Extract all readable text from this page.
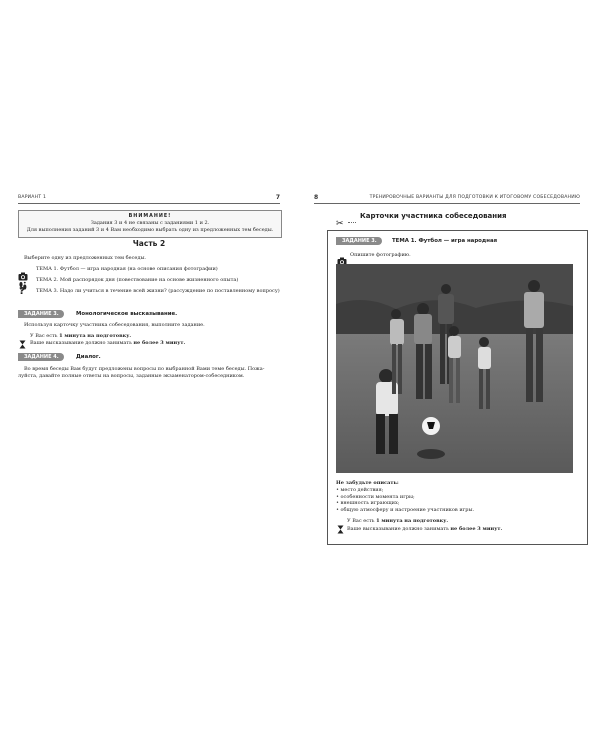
ВАРИАНТ 1	7
ВНИМАНИЕ!
Задания 3 и 4 не связаны с заданиями 1 и 2.
Для выполнения заданий 3 и 4 Вам необходимо выбрать одну из предложенных тем беседы.
Часть 2
Выберите одну из предложенных тем беседы.
ТЕМА 1. Футбол — игра народная (на основе описания фотографии)
ТЕМА 2. Мой распорядок дня (повествование на основе жизненного опыта)
?	ТЕМА 3. Надо ли учиться в течение всей жизни? (рассуждение по поставленному вопросу)
ЗАДАНИЕ 3.	Монологическое высказывание.
Используя карточку участника собеседования, выполните задание.
У Вас есть 1 минута на подготовку.
Ваше высказывание должно занимать не более 3 минут.
ЗАДАНИЕ 4.	Диалог.
Во время беседы Вам будут предложены вопросы по выбранной Вами теме беседы. Пожа-
луйста, давайте полные ответы на вопросы, заданные экзаменатором-собеседником.
8	ТРЕНИРОВОЧНЫЕ ВАРИАНТЫ ДЛЯ ПОДГОТОВКИ К ИТОГОВОМУ СОБЕСЕДОВАНИЮ
✂
Карточки участника собеседования
ЗАДАНИЕ 3.	ТЕМА 1. Футбол — игра народная
Опишите фотографию.
Не забудьте описать:
• место действия;
• особенности момента игры;
• внешность играющих;
• общую атмосферу и настроение участников игры.
У Вас есть 1 минута на подготовку.
Ваше высказывание должно занимать не более 3 минут.
